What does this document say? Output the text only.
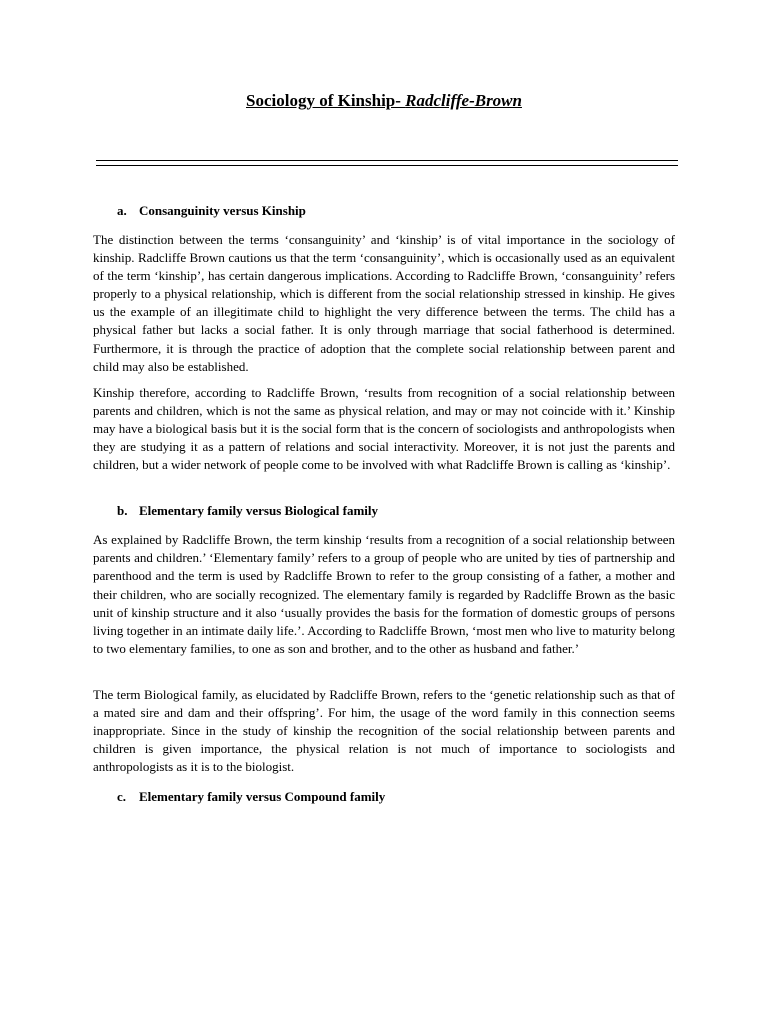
Sociology of Kinship- Radcliffe-Brown
a. Consanguinity versus Kinship

The distinction between the terms ‘consanguinity’ and ‘kinship’ is of vital importance in the sociology of kinship. Radcliffe Brown cautions us that the term ‘consanguinity’, which is occasionally used as an equivalent of the term ‘kinship’, has certain dangerous implications. According to Radcliffe Brown, ‘consanguinity’ refers properly to a physical relationship, which is different from the social relationship stressed in kinship. He gives us the example of an illegitimate child to highlight the very difference between the terms. The child has a physical father but lacks a social father. It is only through marriage that social fatherhood is determined. Furthermore, it is through the practice of adoption that the complete social relationship between parent and child may also be established.

Kinship therefore, according to Radcliffe Brown, ‘results from recognition of a social relationship between parents and children, which is not the same as physical relation, and may or may not coincide with it.’ Kinship may have a biological basis but it is the social form that is the concern of sociologists and anthropologists when they are studying it as a pattern of relations and social interactivity. Moreover, it is not just the parents and children, but a wider network of people come to be involved with what Radcliffe Brown is calling as ‘kinship’.

b. Elementary family versus Biological family

As explained by Radcliffe Brown, the term kinship ‘results from a recognition of a social relationship between parents and children.’ ‘Elementary family’ refers to a group of people who are united by ties of partnership and parenthood and the term is used by Radcliffe Brown to refer to the group consisting of a father, a mother and their children, who are socially recognized. The elementary family is regarded by Radcliffe Brown as the basic unit of kinship structure and it also ‘usually provides the basis for the formation of domestic groups of persons living together in an intimate daily life.’. According to Radcliffe Brown, ‘most men who live to maturity belong to two elementary families, to one as son and brother, and to the other as husband and father.’

The term Biological family, as elucidated by Radcliffe Brown, refers to the ‘genetic relationship such as that of a mated sire and dam and their offspring’. For him, the usage of the word family in this connection seems inappropriate. Since in the study of kinship the recognition of the social relationship between parents and children is given importance, the physical relation is not much of importance to sociologists and anthropologists as it is to the biologist.

c. Elementary family versus Compound family
